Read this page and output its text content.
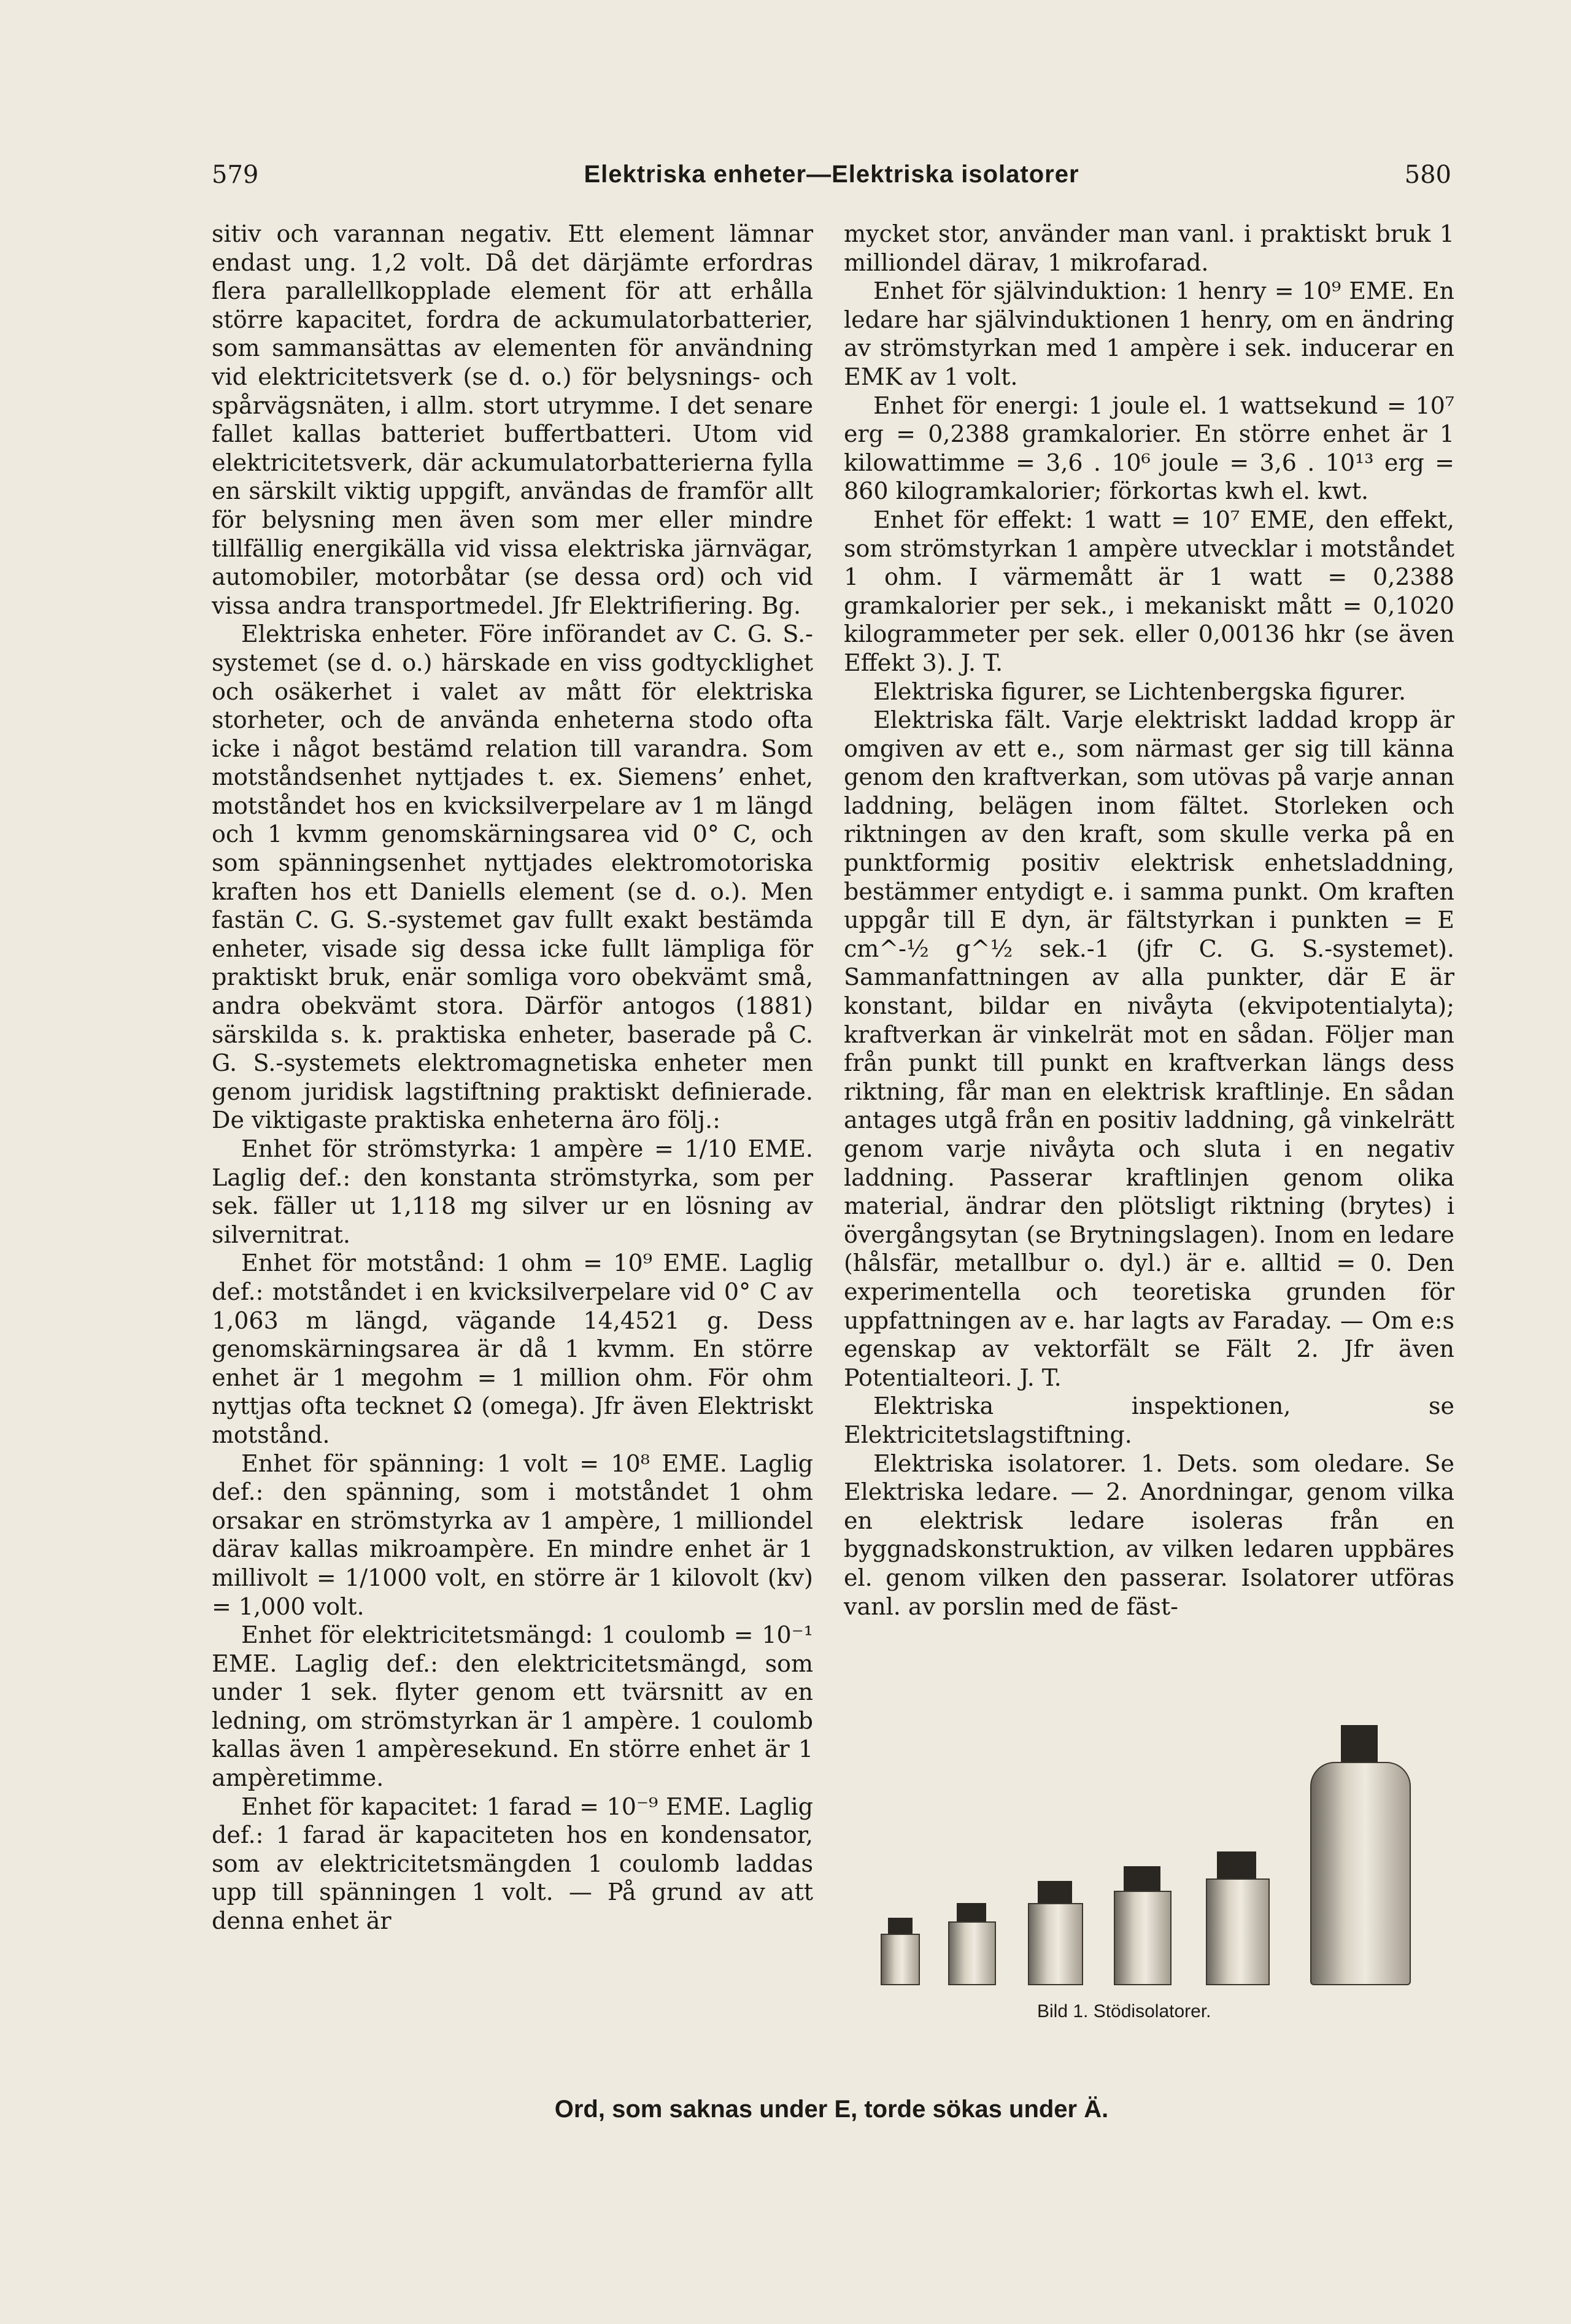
579	Elektriska enheter—Elektriska isolatorer	580

sitiv och varannan negativ. Ett element lämnar endast ung. 1,2 volt. Då det därjämte erfordras flera parallellkopplade element för att erhålla större kapacitet, fordra de ackumulatorbatterier, som sammansättas av elementen för användning vid elektricitetsverk (se d. o.) för belysnings- och spårvägsnäten, i allm. stort utrymme. I det senare fallet kallas batteriet buffertbatteri. Utom vid elektricitetsverk, där ackumulatorbatterierna fylla en särskilt viktig uppgift, användas de framför allt för belysning men även som mer eller mindre tillfällig energikälla vid vissa elektriska järnvägar, automobiler, motorbåtar (se dessa ord) och vid vissa andra transportmedel. Jfr Elektrifiering. Bg.

Elektriska enheter. Före införandet av C. G. S.-systemet (se d. o.) härskade en viss godtycklighet och osäkerhet i valet av mått för elektriska storheter, och de använda enheterna stodo ofta icke i något bestämd relation till varandra. Som motståndsenhet nyttjades t. ex. Siemens’ enhet, motståndet hos en kvicksilverpelare av 1 m längd och 1 kvmm genomskärningsarea vid 0° C, och som spänningsenhet nyttjades elektromotoriska kraften hos ett Daniells element (se d. o.). Men fastän C. G. S.-systemet gav fullt exakt bestämda enheter, visade sig dessa icke fullt lämpliga för praktiskt bruk, enär somliga voro obekvämt små, andra obekvämt stora. Därför antogos (1881) särskilda s. k. praktiska enheter, baserade på C. G. S.-systemets elektromagnetiska enheter men genom juridisk lagstiftning praktiskt definierade. De viktigaste praktiska enheterna äro följ.:

Enhet för strömstyrka: 1 ampère = 1/10 EME. Laglig def.: den konstanta strömstyrka, som per sek. fäller ut 1,118 mg silver ur en lösning av silvernitrat.

Enhet för motstånd: 1 ohm = 10⁹ EME. Laglig def.: motståndet i en kvicksilverpelare vid 0° C av 1,063 m längd, vägande 14,4521 g. Dess genomskärningsarea är då 1 kvmm. En större enhet är 1 megohm = 1 million ohm. För ohm nyttjas ofta tecknet Ω (omega). Jfr även Elektriskt motstånd.

Enhet för spänning: 1 volt = 10⁸ EME. Laglig def.: den spänning, som i motståndet 1 ohm orsakar en strömstyrka av 1 ampère, 1 milliondel därav kallas mikroampère. En mindre enhet är 1 millivolt = 1/1000 volt, en större är 1 kilovolt (kv) = 1,000 volt.

Enhet för elektricitetsmängd: 1 coulomb = 10⁻¹ EME. Laglig def.: den elektricitetsmängd, som under 1 sek. flyter genom ett tvärsnitt av en ledning, om strömstyrkan är 1 ampère. 1 coulomb kallas även 1 ampèresekund. En större enhet är 1 ampèretimme.

Enhet för kapacitet: 1 farad = 10⁻⁹ EME. Laglig def.: 1 farad är kapaciteten hos en kondensator, som av elektricitetsmängden 1 coulomb laddas upp till spänningen 1 volt. — På grund av att denna enhet är

mycket stor, använder man vanl. i praktiskt bruk 1 milliondel därav, 1 mikrofarad.

Enhet för självinduktion: 1 henry = 10⁹ EME. En ledare har självinduktionen 1 henry, om en ändring av strömstyrkan med 1 ampère i sek. inducerar en EMK av 1 volt.

Enhet för energi: 1 joule el. 1 wattsekund = 10⁷ erg = 0,2388 gramkalorier. En större enhet är 1 kilowattimme = 3,6 . 10⁶ joule = 3,6 . 10¹³ erg = 860 kilogramkalorier; förkortas kwh el. kwt.

Enhet för effekt: 1 watt = 10⁷ EME, den effekt, som strömstyrkan 1 ampère utvecklar i motståndet 1 ohm. I värmemått är 1 watt = 0,2388 gramkalorier per sek., i mekaniskt mått = 0,1020 kilogrammeter per sek. eller 0,00136 hkr (se även Effekt 3). J. T.

Elektriska figurer, se Lichtenbergska figurer.

Elektriska fält. Varje elektriskt laddad kropp är omgiven av ett e., som närmast ger sig till känna genom den kraftverkan, som utövas på varje annan laddning, belägen inom fältet. Storleken och riktningen av den kraft, som skulle verka på en punktformig positiv elektrisk enhetsladdning, bestämmer entydigt e. i samma punkt. Om kraften uppgår till E dyn, är fältstyrkan i punkten = E cm^-½ g^½ sek.-1 (jfr C. G. S.-systemet). Sammanfattningen av alla punkter, där E är konstant, bildar en nivåyta (ekvipotentialyta); kraftverkan är vinkelrät mot en sådan. Följer man från punkt till punkt en kraftverkan längs dess riktning, får man en elektrisk kraftlinje. En sådan antages utgå från en positiv laddning, gå vinkelrätt genom varje nivåyta och sluta i en negativ laddning. Passerar kraftlinjen genom olika material, ändrar den plötsligt riktning (brytes) i övergångsytan (se Brytningslagen). Inom en ledare (hålsfär, metallbur o. dyl.) är e. alltid = 0. Den experimentella och teoretiska grunden för uppfattningen av e. har lagts av Faraday. — Om e:s egenskap av vektorfält se Fält 2. Jfr även Potentialteori. J. T.

Elektriska inspektionen, se Elektricitetslagstiftning.

Elektriska isolatorer. 1. Dets. som oledare. Se Elektriska ledare. — 2. Anordningar, genom vilka en elektrisk ledare isoleras från en byggnadskonstruktion, av vilken ledaren uppbäres el. genom vilken den passerar. Isolatorer utföras vanl. av porslin med de fäst-

Bild 1. Stödisolatorer.
Ord, som saknas under E, torde sökas under Ä.
